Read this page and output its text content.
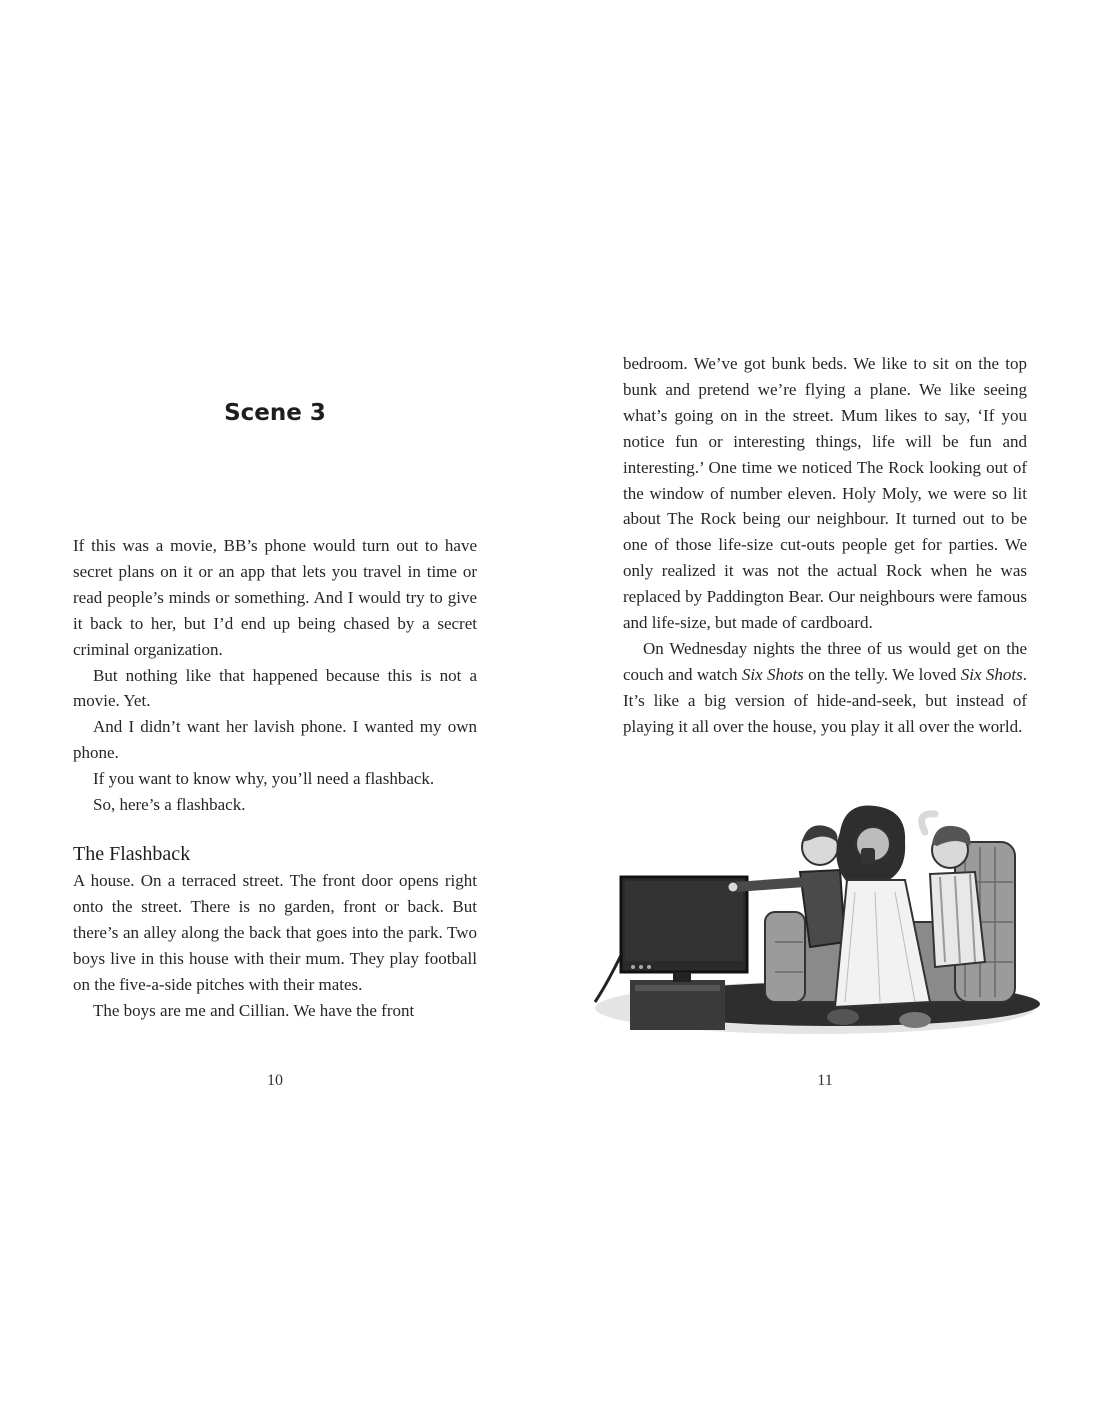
Scene 3

If this was a movie, BB’s phone would turn out to have secret plans on it or an app that lets you travel in time or read people’s minds or something. And I would try to give it back to her, but I’d end up being chased by a secret criminal organization.

But nothing like that happened because this is not a movie. Yet.

And I didn’t want her lavish phone. I wanted my own phone.

If you want to know why, you’ll need a flashback.

So, here’s a flashback.

The Flashback

A house. On a terraced street. The front door opens right onto the street. There is no garden, front or back. But there’s an alley along the back that goes into the park. Two boys live in this house with their mum. They play football on the five-a-side pitches with their mates.

The boys are me and Cillian. We have the front

10

bedroom. We’ve got bunk beds. We like to sit on the top bunk and pretend we’re flying a plane. We like seeing what’s going on in the street. Mum likes to say, ‘If you notice fun or interesting things, life will be fun and interesting.’ One time we noticed The Rock looking out of the window of number eleven. Holy Moly, we were so lit about The Rock being our neighbour. It turned out to be one of those life-size cut-outs people get for parties. We only realized it was not the actual Rock when he was replaced by Paddington Bear. Our neighbours were famous and life-size, but made of cardboard.

On Wednesday nights the three of us would get on the couch and watch Six Shots on the telly. We loved Six Shots. It’s like a big version of hide-and-seek, but instead of playing it all over the house, you play it all over the world.

11
